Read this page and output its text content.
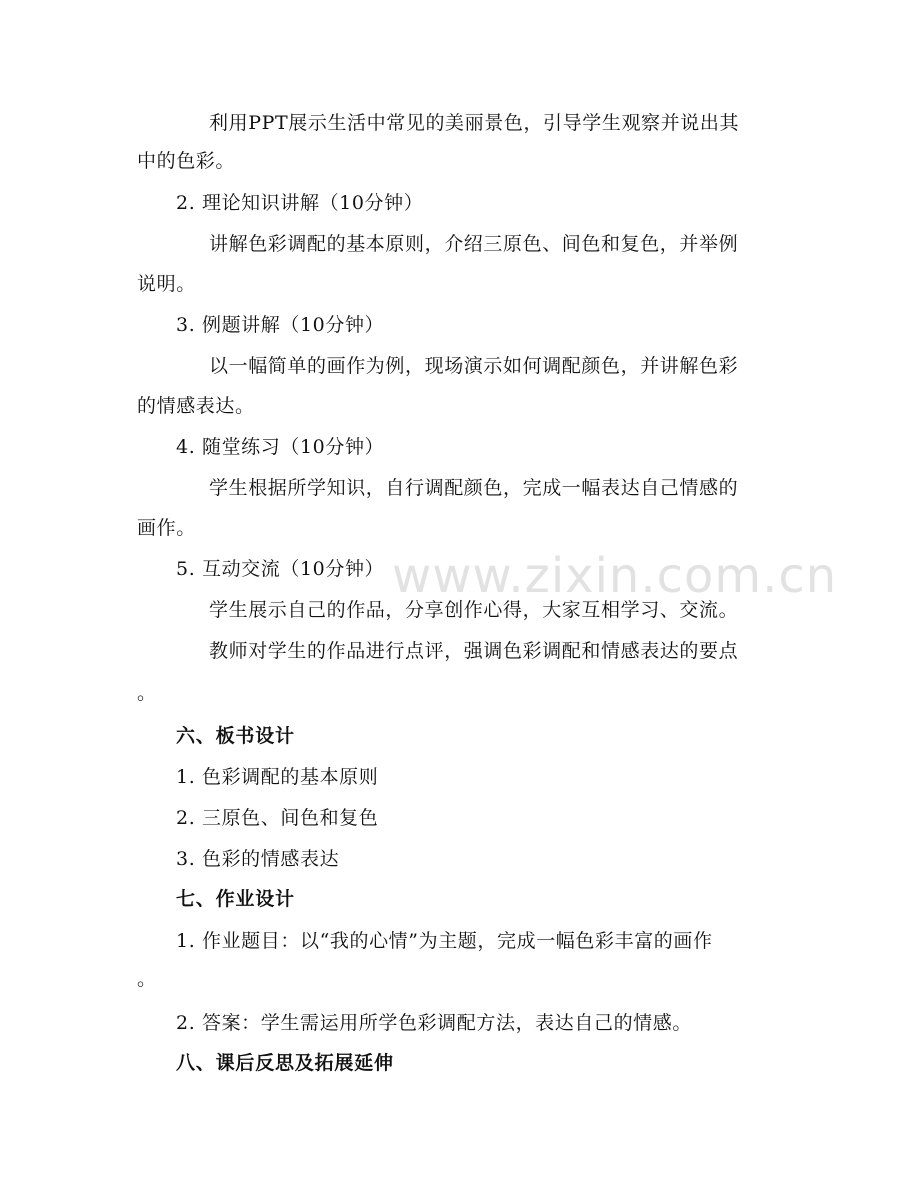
www.zixin.com.cn
利用PPT展示生活中常见的美丽景色，引导学生观察并说出其
中的色彩。
2. 理论知识讲解（10分钟）
讲解色彩调配的基本原则，介绍三原色、间色和复色，并举例
说明。
3. 例题讲解（10分钟）
以一幅简单的画作为例，现场演示如何调配颜色，并讲解色彩
的情感表达。
4. 随堂练习（10分钟）
学生根据所学知识，自行调配颜色，完成一幅表达自己情感的
画作。
5. 互动交流（10分钟）
学生展示自己的作品，分享创作心得，大家互相学习、交流。
教师对学生的作品进行点评，强调色彩调配和情感表达的要点
。
六、板书设计
1. 色彩调配的基本原则
2. 三原色、间色和复色
3. 色彩的情感表达
七、作业设计
1. 作业题目：以“我的心情”为主题，完成一幅色彩丰富的画作
。
2. 答案：学生需运用所学色彩调配方法，表达自己的情感。
八、课后反思及拓展延伸
